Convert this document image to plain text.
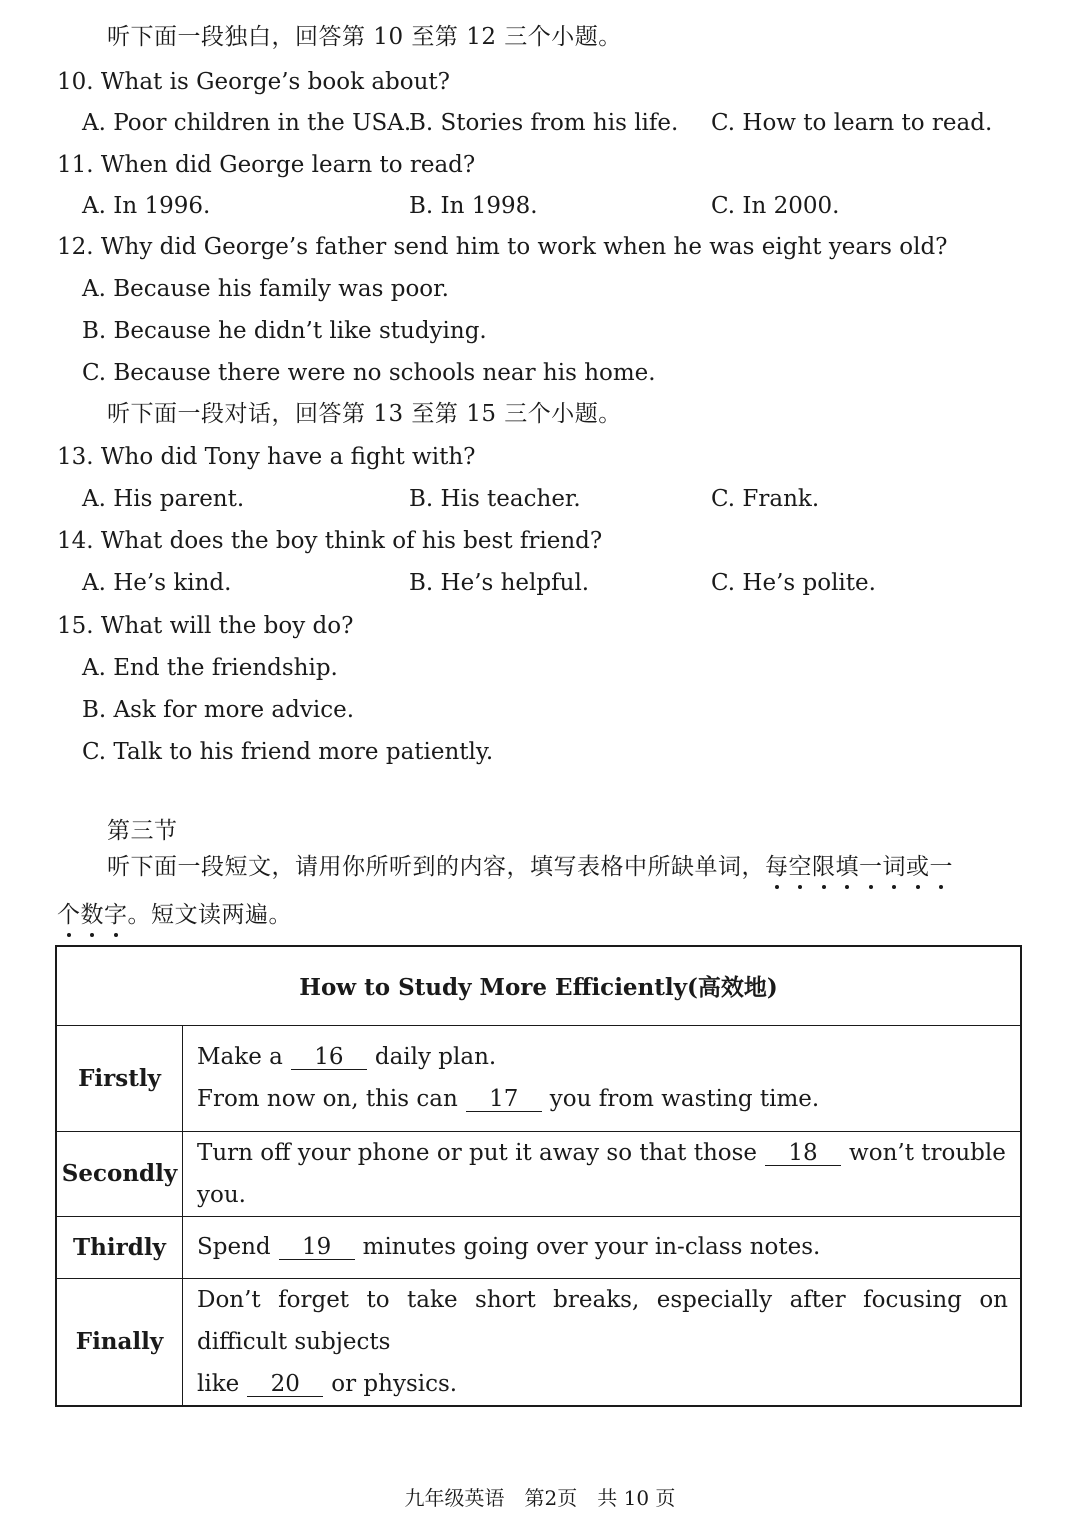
听下面一段独白，回答第 10 至第 12 三个小题。
10. What is George’s book about?
A. Poor children in the USA.
B. Stories from his life. C. How to learn to read.
11. When did George learn to read?
A. In 1996.	B. In 1998.	C. In 2000.
12. Why did George’s father send him to work when he was eight years old?
A. Because his family was poor.
B. Because he didn’t like studying.
C. Because there were no schools near his home.
听下面一段对话，回答第 13 至第 15 三个小题。
13. Who did Tony have a fight with?
A. His parent.	B. His teacher.	C. Frank.
14. What does the boy think of his best friend?
A. He’s kind.	B. He’s helpful.	C. He’s polite.
15. What will the boy do?
A. End the friendship.
B. Ask for more advice.
C. Talk to his friend more patiently.
第三节
听下面一段短文，请用你所听到的内容，填写表格中所缺单词，每空限填一词或一
个数字。短文读两遍。
How to Study More Efficiently(高效地)	
Firstly	Make a 16 daily plan.
From now on, this can 17 you from wasting time.

Secondly	Turn off your phone or put it away so that those 18 won’t trouble you.
Thirdly	Spend 19 minutes going over your in-class notes.
Finally	Don’t forget to take short breaks, especially after focusing on difficult subjects
like 20 or physics.
九年级英语　第2页　共 10 页
